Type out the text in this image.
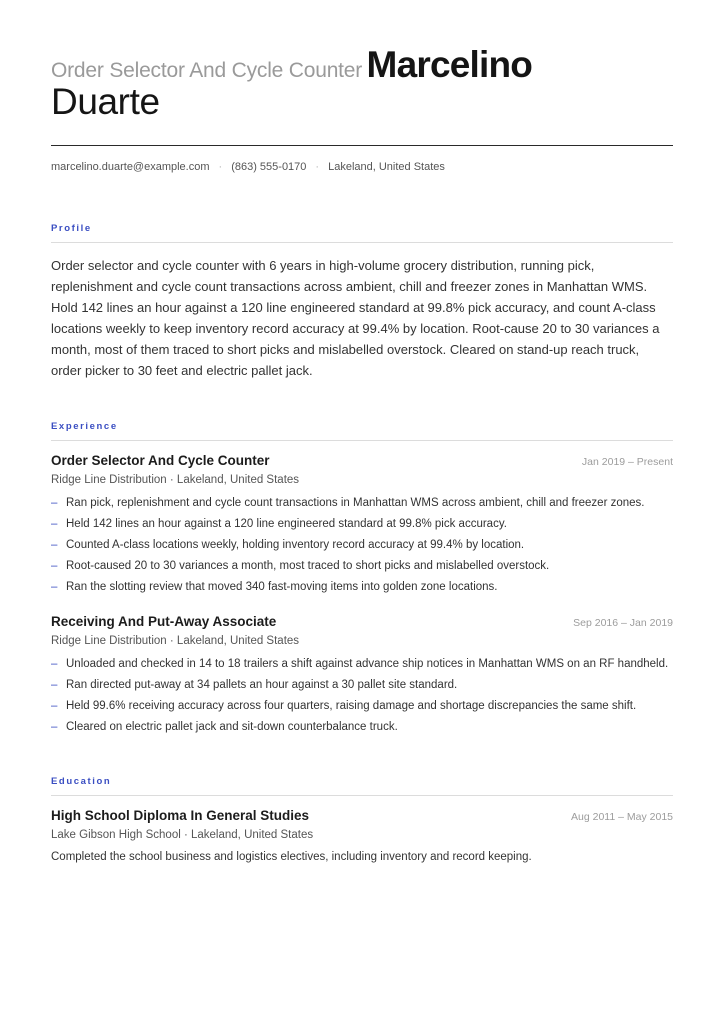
Order Selector And Cycle Counter Marcelino
Duarte
marcelino.duarte@example.com · (863) 555-0170 · Lakeland, United States
Profile

Order selector and cycle counter with 6 years in high-volume grocery distribution, running pick, replenishment and cycle count transactions across ambient, chill and freezer zones in Manhattan WMS. Hold 142 lines an hour against a 120 line engineered standard at 99.8% pick accuracy, and count A-class locations weekly to keep inventory record accuracy at 99.4% by location. Root-cause 20 to 30 variances a month, most of them traced to short picks and mislabelled overstock. Cleared on stand-up reach truck, order picker to 30 feet and electric pallet jack.

Experience
Order Selector And Cycle Counter	Jan 2019 – Present
Ridge Line Distribution · Lakeland, United States
– Ran pick, replenishment and cycle count transactions in Manhattan WMS across ambient, chill and freezer zones.
– Held 142 lines an hour against a 120 line engineered standard at 99.8% pick accuracy.
– Counted A-class locations weekly, holding inventory record accuracy at 99.4% by location.
– Root-caused 20 to 30 variances a month, most traced to short picks and mislabelled overstock.
– Ran the slotting review that moved 340 fast-moving items into golden zone locations.
Receiving And Put-Away Associate	Sep 2016 – Jan 2019
Ridge Line Distribution · Lakeland, United States
– Unloaded and checked in 14 to 18 trailers a shift against advance ship notices in Manhattan WMS on an RF handheld.
– Ran directed put-away at 34 pallets an hour against a 30 pallet site standard.
– Held 99.6% receiving accuracy across four quarters, raising damage and shortage discrepancies the same shift.
– Cleared on electric pallet jack and sit-down counterbalance truck.
Education
High School Diploma In General Studies	Aug 2011 – May 2015
Lake Gibson High School · Lakeland, United States
Completed the school business and logistics electives, including inventory and record keeping.
